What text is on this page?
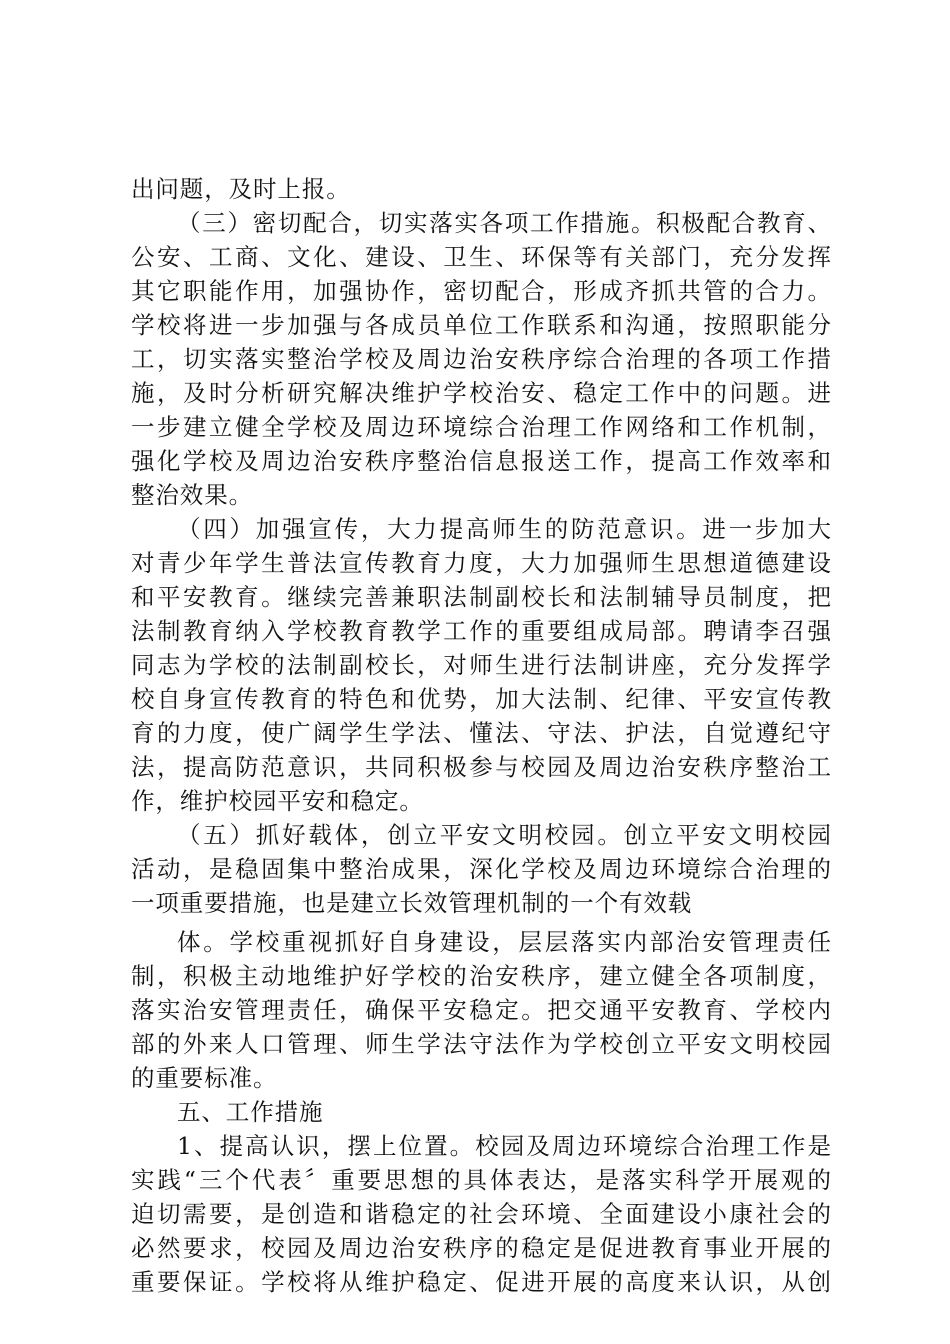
出问题，及时上报。
（三）密切配合，切实落实各项工作措施。积极配合教育、
公安、工商、文化、建设、卫生、环保等有关部门，充分发挥
其它职能作用，加强协作，密切配合，形成齐抓共管的合力。
学校将进一步加强与各成员单位工作联系和沟通，按照职能分
工，切实落实整治学校及周边治安秩序综合治理的各项工作措
施，及时分析研究解决维护学校治安、稳定工作中的问题。进
一步建立健全学校及周边环境综合治理工作网络和工作机制，
强化学校及周边治安秩序整治信息报送工作，提高工作效率和
整治效果。
（四）加强宣传，大力提高师生的防范意识。进一步加大
对青少年学生普法宣传教育力度，大力加强师生思想道德建设
和平安教育。继续完善兼职法制副校长和法制辅导员制度，把
法制教育纳入学校教育教学工作的重要组成局部。聘请李召强
同志为学校的法制副校长，对师生进行法制讲座，充分发挥学
校自身宣传教育的特色和优势，加大法制、纪律、平安宣传教
育的力度，使广阔学生学法、懂法、守法、护法，自觉遵纪守
法，提高防范意识，共同积极参与校园及周边治安秩序整治工
作，维护校园平安和稳定。
（五）抓好载体，创立平安文明校园。创立平安文明校园
活动，是稳固集中整治成果，深化学校及周边环境综合治理的
一项重要措施，也是建立长效管理机制的一个有效载
体。学校重视抓好自身建设，层层落实内部治安管理责任
制，积极主动地维护好学校的治安秩序，建立健全各项制度，
落实治安管理责任，确保平安稳定。把交通平安教育、学校内
部的外来人口管理、师生学法守法作为学校创立平安文明校园
的重要标准。
五、工作措施
1、提高认识，摆上位置。校园及周边环境综合治理工作是
实践“三个代表〞重要思想的具体表达，是落实科学开展观的
迫切需要，是创造和谐稳定的社会环境、全面建设小康社会的
必然要求，校园及周边治安秩序的稳定是促进教育事业开展的
重要保证。学校将从维护稳定、促进开展的高度来认识，从创
